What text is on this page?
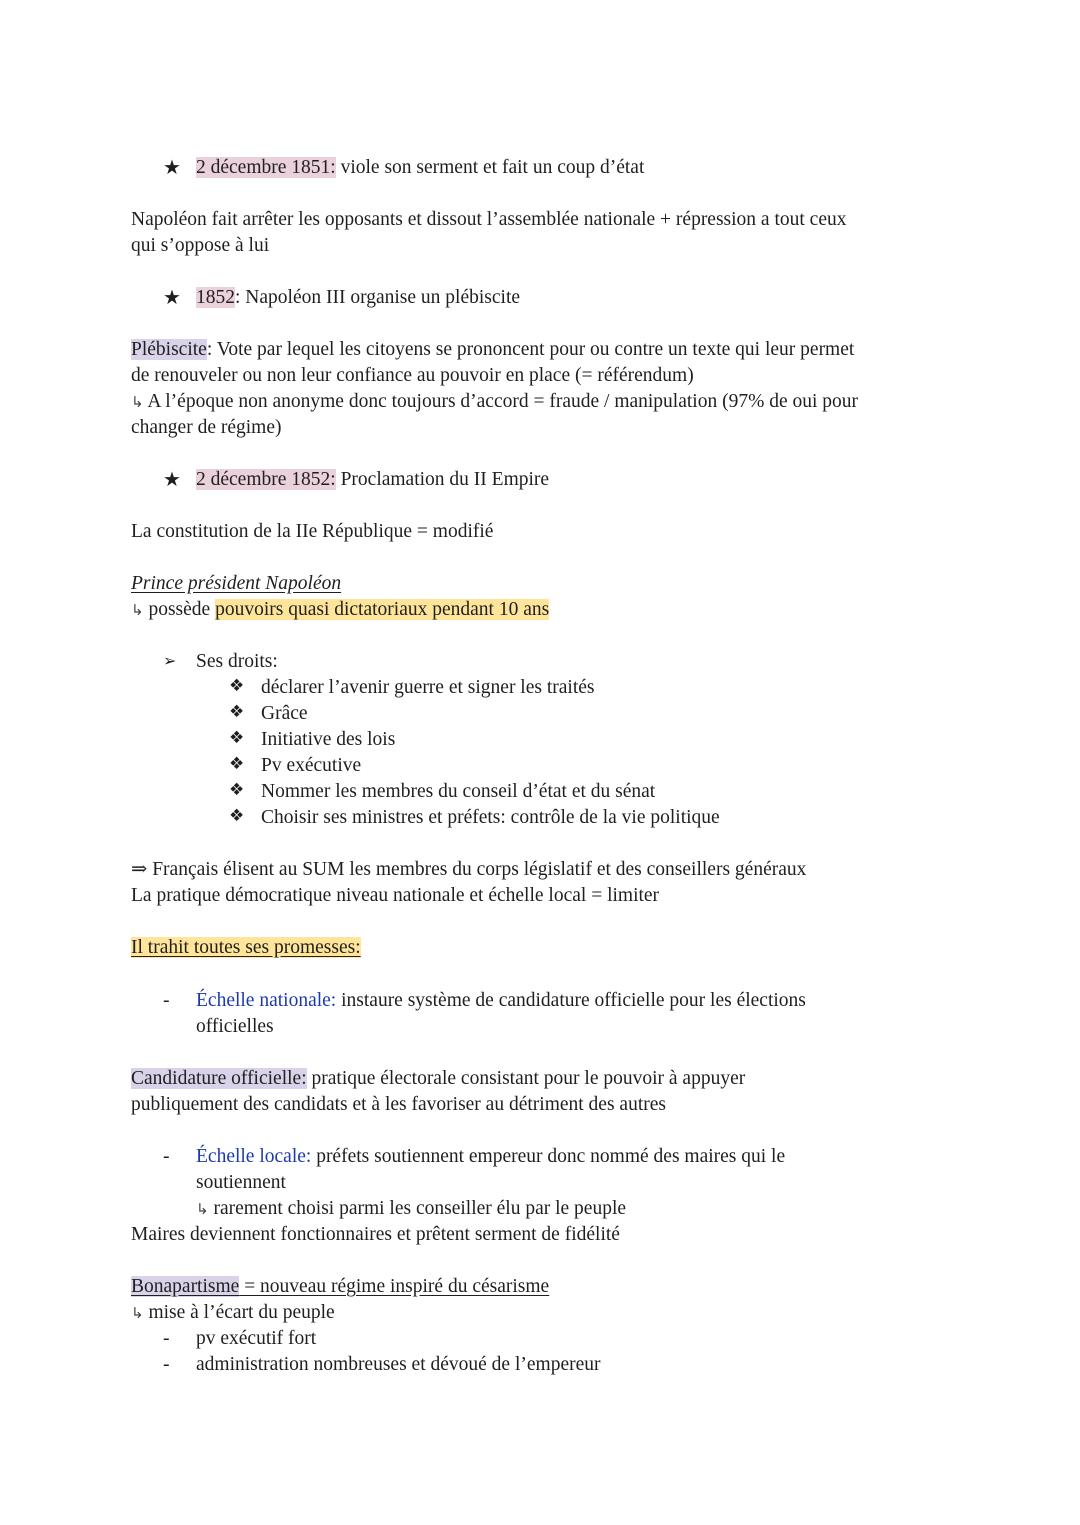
★ 2 décembre 1851: viole son serment et fait un coup d’état
Napoléon fait arrêter les opposants et dissout l’assemblée nationale + répression a tout ceux
qui s’oppose à lui
★ 1852: Napoléon III organise un plébiscite
Plébiscite: Vote par lequel les citoyens se prononcent pour ou contre un texte qui leur permet
de renouveler ou non leur confiance au pouvoir en place (= référendum)
↳ A l’époque non anonyme donc toujours d’accord = fraude / manipulation (97% de oui pour
changer de régime)
★ 2 décembre 1852: Proclamation du II Empire
La constitution de la IIe République = modifié
Prince président Napoléon
↳ possède pouvoirs quasi dictatoriaux pendant 10 ans
➢ Ses droits:
❖ déclarer l’avenir guerre et signer les traités
❖ Grâce
❖ Initiative des lois
❖ Pv exécutive
❖ Nommer les membres du conseil d’état et du sénat
❖ Choisir ses ministres et préfets: contrôle de la vie politique
⇒ Français élisent au SUM les membres du corps législatif et des conseillers généraux
La pratique démocratique niveau nationale et échelle local = limiter
Il trahit toutes ses promesses:
- Échelle nationale: instaure système de candidature officielle pour les élections
officielles
Candidature officielle: pratique électorale consistant pour le pouvoir à appuyer
publiquement des candidats et à les favoriser au détriment des autres
- Échelle locale: préfets soutiennent empereur donc nommé des maires qui le
soutiennent
↳ rarement choisi parmi les conseiller élu par le peuple
Maires deviennent fonctionnaires et prêtent serment de fidélité
Bonapartisme = nouveau régime inspiré du césarisme
↳ mise à l’écart du peuple
- pv exécutif fort
- administration nombreuses et dévoué de l’empereur
